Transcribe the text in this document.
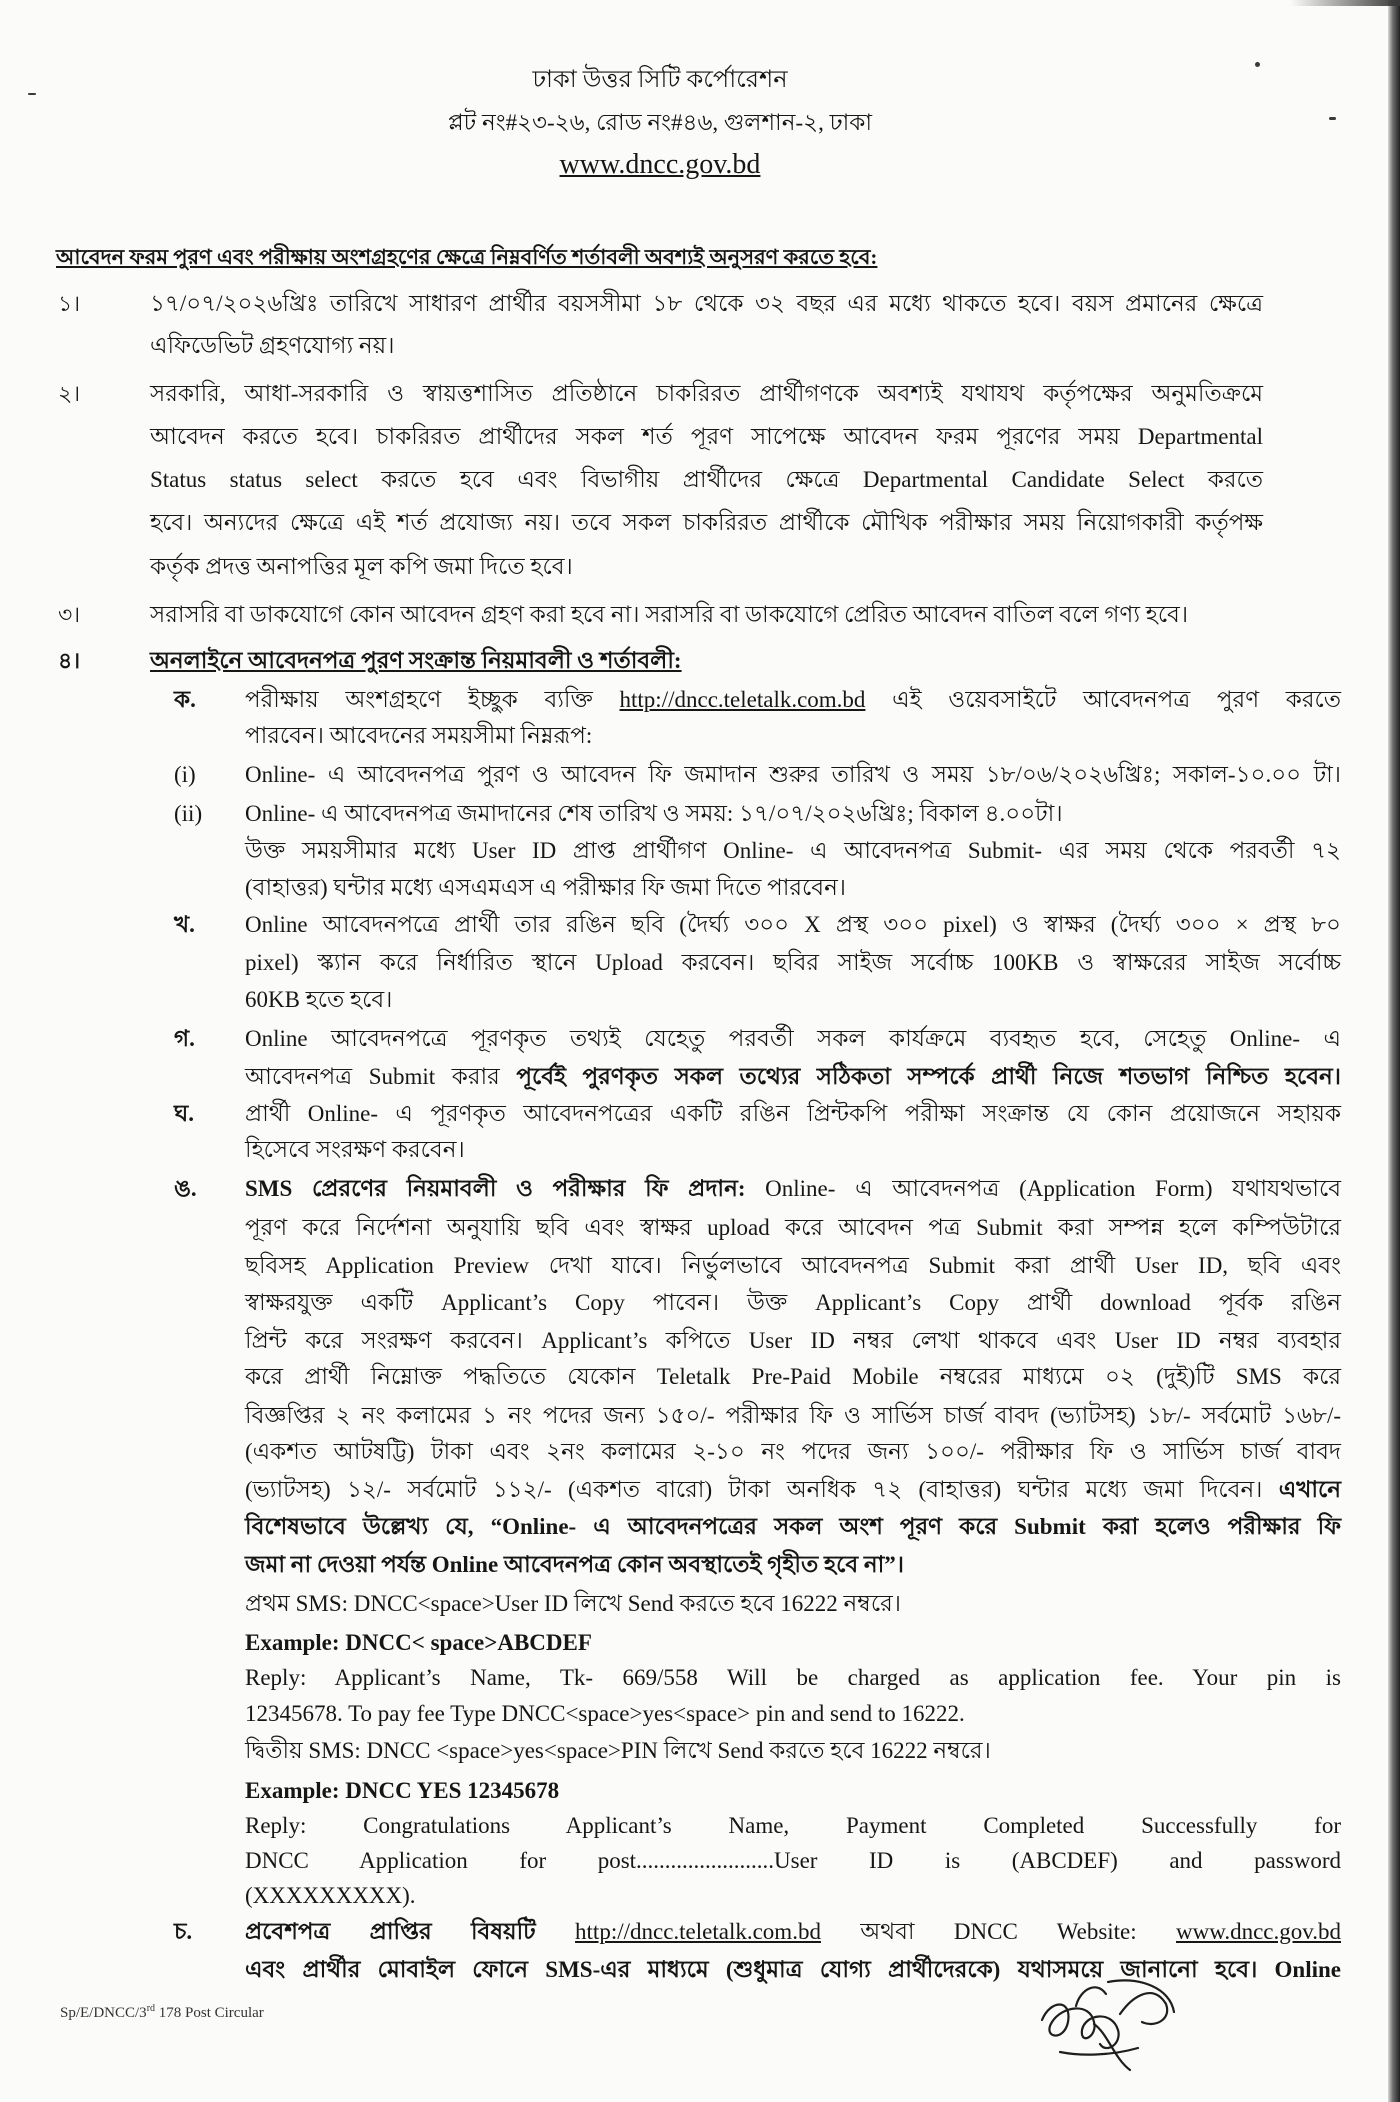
ঢাকা উত্তর সিটি কর্পোরেশন
প্লট নং#২৩-২৬, রোড নং#৪৬, গুলশান-২, ঢাকা
www.dncc.gov.bd
আবেদন ফরম পুরণ এবং পরীক্ষায় অংশগ্রহণের ক্ষেত্রে নিম্নবর্ণিত শর্তাবলী অবশ্যই অনুসরণ করতে হবে:
১।	১৭/০৭/২০২৬খ্রিঃ তারিখে সাধারণ প্রার্থীর বয়সসীমা ১৮ থেকে ৩২ বছর এর মধ্যে থাকতে হবে। বয়স প্রমানের ক্ষেত্রে
এফিডেভিট গ্রহণযোগ্য নয়।
২।	সরকারি, আধা-সরকারি ও স্বায়ত্তশাসিত প্রতিষ্ঠানে চাকরিরত প্রার্থীগণকে অবশ্যই যথাযথ কর্তৃপক্ষের অনুমতিক্রমে
আবেদন করতে হবে। চাকরিরত প্রার্থীদের সকল শর্ত পূরণ সাপেক্ষে আবেদন ফরম পূরণের সময় Departmental
Status status select করতে হবে এবং বিভাগীয় প্রার্থীদের ক্ষেত্রে Departmental Candidate Select করতে
হবে। অন্যদের ক্ষেত্রে এই শর্ত প্রযোজ্য নয়। তবে সকল চাকরিরত প্রার্থীকে মৌখিক পরীক্ষার সময় নিয়োগকারী কর্তৃপক্ষ
কর্তৃক প্রদত্ত অনাপত্তির মূল কপি জমা দিতে হবে।
৩।	সরাসরি বা ডাকযোগে কোন আবেদন গ্রহণ করা হবে না। সরাসরি বা ডাকযোগে প্রেরিত আবেদন বাতিল বলে গণ্য হবে।
৪।	অনলাইনে আবেদনপত্র পুরণ সংক্রান্ত নিয়মাবলী ও শর্তাবলী:
ক. পরীক্ষায় অংশগ্রহণে ইচ্ছুক ব্যক্তি http://dncc.teletalk.com.bd এই ওয়েবসাইটে আবেদনপত্র পুরণ করতে
পারবেন। আবেদনের সময়সীমা নিম্নরূপ:
(i) Online- এ আবেদনপত্র পুরণ ও আবেদন ফি জমাদান শুরুর তারিখ ও সময় ১৮/০৬/২০২৬খ্রিঃ; সকাল-১০.০০ টা।
(ii) Online- এ আবেদনপত্র জমাদানের শেষ তারিখ ও সময়: ১৭/০৭/২০২৬খ্রিঃ; বিকাল ৪.০০টা।
উক্ত সময়সীমার মধ্যে User ID প্রাপ্ত প্রার্থীগণ Online- এ আবেদনপত্র Submit- এর সময় থেকে পরবর্তী ৭২
(বাহাত্তর) ঘন্টার মধ্যে এসএমএস এ পরীক্ষার ফি জমা দিতে পারবেন।
খ. Online আবেদনপত্রে প্রার্থী তার রঙিন ছবি (দৈর্ঘ্য ৩০০ X প্রস্থ ৩০০ pixel) ও স্বাক্ষর (দৈর্ঘ্য ৩০০ × প্রস্থ ৮০
pixel) স্ক্যান করে নির্ধারিত স্থানে Upload করবেন। ছবির সাইজ সর্বোচ্চ 100KB ও স্বাক্ষরের সাইজ সর্বোচ্চ
60KB হতে হবে।
গ. Online আবেদনপত্রে পূরণকৃত তথ্যই যেহেতু পরবর্তী সকল কার্যক্রমে ব্যবহৃত হবে, সেহেতু Online- এ
আবেদনপত্র Submit করার পূর্বেই পুরণকৃত সকল তথ্যের সঠিকতা সম্পর্কে প্রার্থী নিজে শতভাগ নিশ্চিত হবেন।
ঘ. প্রার্থী Online- এ পূরণকৃত আবেদনপত্রের একটি রঙিন প্রিন্টকপি পরীক্ষা সংক্রান্ত যে কোন প্রয়োজনে সহায়ক
হিসেবে সংরক্ষণ করবেন।
ঙ. SMS প্রেরণের নিয়মাবলী ও পরীক্ষার ফি প্রদান: Online- এ আবেদনপত্র (Application Form) যথাযথভাবে
পূরণ করে নির্দেশনা অনুযায়ি ছবি এবং স্বাক্ষর upload করে আবেদন পত্র Submit করা সম্পন্ন হলে কম্পিউটারে
ছবিসহ Application Preview দেখা যাবে। নির্ভুলভাবে আবেদনপত্র Submit করা প্রার্থী User ID, ছবি এবং
স্বাক্ষরযুক্ত একটি Applicant’s Copy পাবেন। উক্ত Applicant’s Copy প্রার্থী download পূর্বক রঙিন
প্রিন্ট করে সংরক্ষণ করবেন। Applicant’s কপিতে User ID নম্বর লেখা থাকবে এবং User ID নম্বর ব্যবহার
করে প্রার্থী নিম্নোক্ত পদ্ধতিতে যেকোন Teletalk Pre-Paid Mobile নম্বরের মাধ্যমে ০২ (দুই)টি SMS করে
বিজ্ঞপ্তির ২ নং কলামের ১ নং পদের জন্য ১৫০/- পরীক্ষার ফি ও সার্ভিস চার্জ বাবদ (ভ্যাটসহ) ১৮/- সর্বমোট ১৬৮/-
(একশত আটষট্টি) টাকা এবং ২নং কলামের ২-১০ নং পদের জন্য ১০০/- পরীক্ষার ফি ও সার্ভিস চার্জ বাবদ
(ভ্যাটসহ) ১২/- সর্বমোট ১১২/- (একশত বারো) টাকা অনধিক ৭২ (বাহাত্তর) ঘন্টার মধ্যে জমা দিবেন। এখানে
বিশেষভাবে উল্লেখ্য যে, “Online- এ আবেদনপত্রের সকল অংশ পূরণ করে Submit করা হলেও পরীক্ষার ফি
জমা না দেওয়া পর্যন্ত Online আবেদনপত্র কোন অবস্থাতেই গৃহীত হবে না”।
প্রথম SMS: DNCC<space>User ID লিখে Send করতে হবে 16222 নম্বরে।
Example: DNCC< space>ABCDEF
Reply: Applicant’s Name, Tk- 669/558 Will be charged as application fee. Your pin is
12345678. To pay fee Type DNCC<space>yes<space> pin and send to 16222.
দ্বিতীয় SMS: DNCC <space>yes<space>PIN লিখে Send করতে হবে 16222 নম্বরে।
Example: DNCC YES 12345678
Reply: Congratulations Applicant’s Name, Payment Completed Successfully for
DNCC Application for post........................User ID is (ABCDEF) and password
(XXXXXXXXX).
চ. প্রবেশপত্র প্রাপ্তির বিষয়টি http://dncc.teletalk.com.bd অথবা DNCC Website: www.dncc.gov.bd
এবং প্রার্থীর মোবাইল ফোনে SMS-এর মাধ্যমে (শুধুমাত্র যোগ্য প্রার্থীদেরকে) যথাসময়ে জানানো হবে। Online
Sp/E/DNCC/3rd 178 Post Circular
